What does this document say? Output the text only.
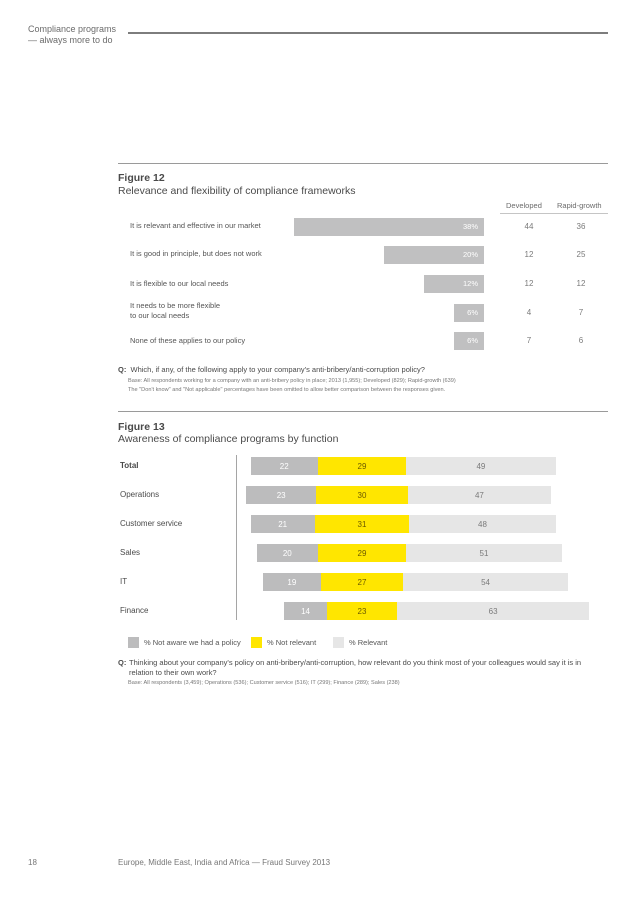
Compliance programs
— always more to do
Figure 12
Relevance and flexibility of compliance frameworks
Developed Rapid-growth
It is relevant and effective in our market	38%	44	36
It is good in principle, but does not work	20%	12	25
It is flexible to our local needs	12%	12	12
It needs to be more flexible
to our local needs	6%	4	7
None of these applies to our policy	6%	7	6
Q: Which, if any, of the following apply to your company's anti-bribery/anti-corruption policy?
Base: All respondents working for a company with an anti-bribery policy in place; 2013 (1,955); Developed (829); Rapid-growth (639)
The "Don't know" and "Not applicable" percentages have been omitted to allow better comparison between the responses given.
Figure 13
Awareness of compliance programs by function
Total	22	29	49
Operations	23	30	47
Customer service	21	31	48
Sales	20	29	51
IT	19	27	54
Finance	14	23	63
% Not aware we had a policy	% Not relevant	% Relevant
Q: Thinking about your company's policy on anti-bribery/anti-corruption, how relevant do you think most of your colleagues would say it is in
relation to their own work?
Base: All respondents (3,459); Operations (536); Customer service (516); IT (299); Finance (289); Sales (238)
18	Europe, Middle East, India and Africa — Fraud Survey 2013
